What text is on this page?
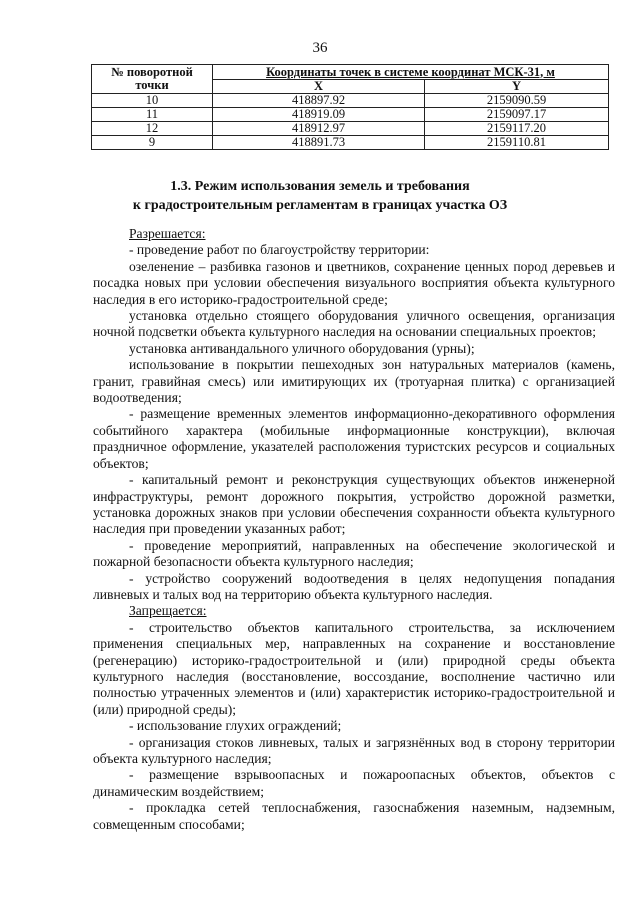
36
№ поворотной точки	Координаты точек в системе координат МСК-31, м	
	X	Y
10	418897.92	2159090.59
11	418919.09	2159097.17
12	418912.97	2159117.20
9	418891.73	2159110.81
1.3. Режим использования земель и требования
к градостроительным регламентам в границах участка ОЗ

Разрешается:

- проведение работ по благоустройству территории:

озеленение – разбивка газонов и цветников, сохранение ценных пород деревьев и посадка новых при условии обеспечения визуального восприятия объекта культурного наследия в его историко-градостроительной среде;

установка отдельно стоящего оборудования уличного освещения, организация ночной подсветки объекта культурного наследия на основании специальных проектов;

установка антивандального уличного оборудования (урны);

использование в покрытии пешеходных зон натуральных материалов (камень, гранит, гравийная смесь) или имитирующих их (тротуарная плитка) с организацией водоотведения;

- размещение временных элементов информационно-декоративного оформления событийного характера (мобильные информационные конструкции), включая праздничное оформление, указателей расположения туристских ресурсов и социальных объектов;

- капитальный ремонт и реконструкция существующих объектов инженерной инфраструктуры, ремонт дорожного покрытия, устройство дорожной разметки, установка дорожных знаков при условии обеспечения сохранности объекта культурного наследия при проведении указанных работ;

- проведение мероприятий, направленных на обеспечение экологической и пожарной безопасности объекта культурного наследия;

- устройство сооружений водоотведения в целях недопущения попадания ливневых и талых вод на территорию объекта культурного наследия.

Запрещается:

- строительство объектов капитального строительства, за исключением применения специальных мер, направленных на сохранение и восстановление (регенерацию) историко-градостроительной и (или) природной среды объекта культурного наследия (восстановление, воссоздание, восполнение частично или полностью утраченных элементов и (или) характеристик историко-градостроительной и (или) природной среды);

- использование глухих ограждений;

- организация стоков ливневых, талых и загрязнённых вод в сторону территории объекта культурного наследия;

- размещение взрывоопасных и пожароопасных объектов, объектов с динамическим воздействием;

- прокладка сетей теплоснабжения, газоснабжения наземным, надземным, совмещенным способами;
